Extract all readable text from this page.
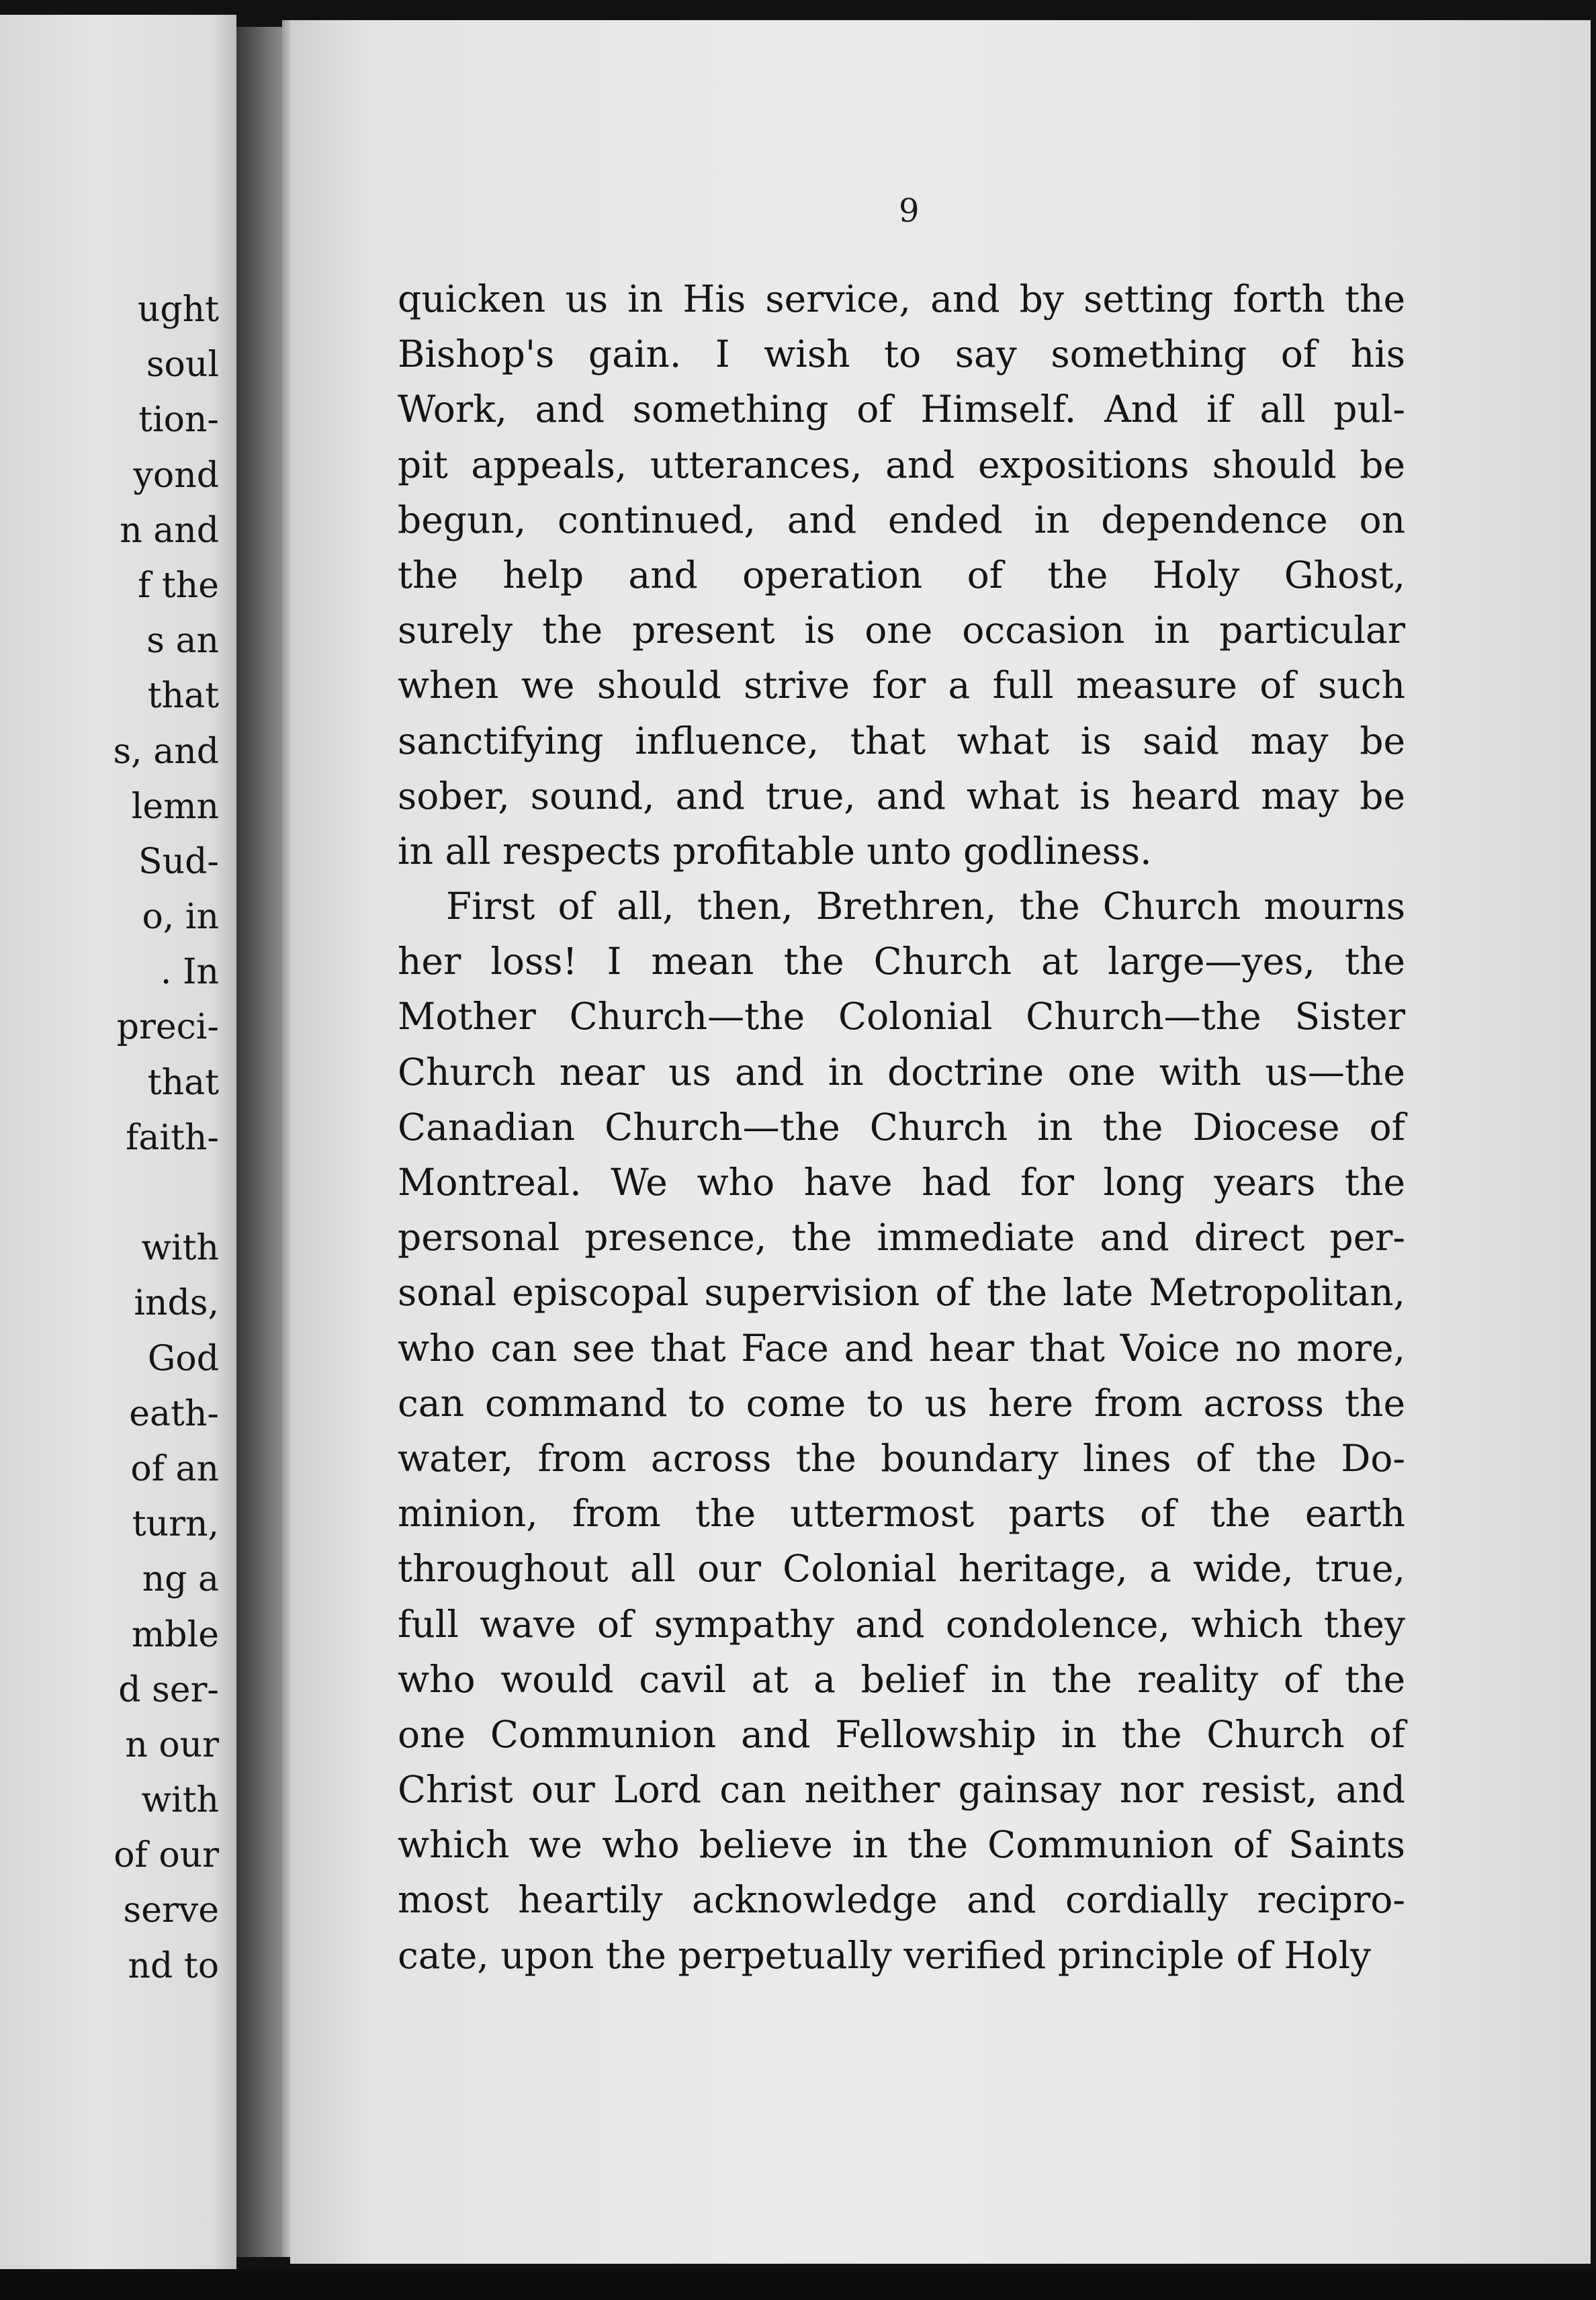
ught
soul
tion-
yond
n and
f the
s an
that
s, and
lemn
Sud-
o, in
. In
preci-
that
faith-
with
inds,
God
eath-
of an
turn,
ng a
mble
d ser-
n our
with
of our
serve
nd to
9
quicken us in His service, and by setting forth the
Bishop's gain. I wish to say something of his
Work, and something of Himself. And if all pul-
pit appeals, utterances, and expositions should be
begun, continued, and ended in dependence on
the help and operation of the Holy Ghost,
surely the present is one occasion in particular
when we should strive for a full measure of such
sanctifying influence, that what is said may be
sober, sound, and true, and what is heard may be
in all respects profitable unto godliness.
First of all, then, Brethren, the Church mourns
her loss! I mean the Church at large—yes, the
Mother Church—the Colonial Church—the Sister
Church near us and in doctrine one with us—the
Canadian Church—the Church in the Diocese of
Montreal. We who have had for long years the
personal presence, the immediate and direct per-
sonal episcopal supervision of the late Metropolitan,
who can see that Face and hear that Voice no more,
can command to come to us here from across the
water, from across the boundary lines of the Do-
minion, from the uttermost parts of the earth
throughout all our Colonial heritage, a wide, true,
full wave of sympathy and condolence, which they
who would cavil at a belief in the reality of the
one Communion and Fellowship in the Church of
Christ our Lord can neither gainsay nor resist, and
which we who believe in the Communion of Saints
most heartily acknowledge and cordially recipro-
cate, upon the perpetually verified principle of Holy
